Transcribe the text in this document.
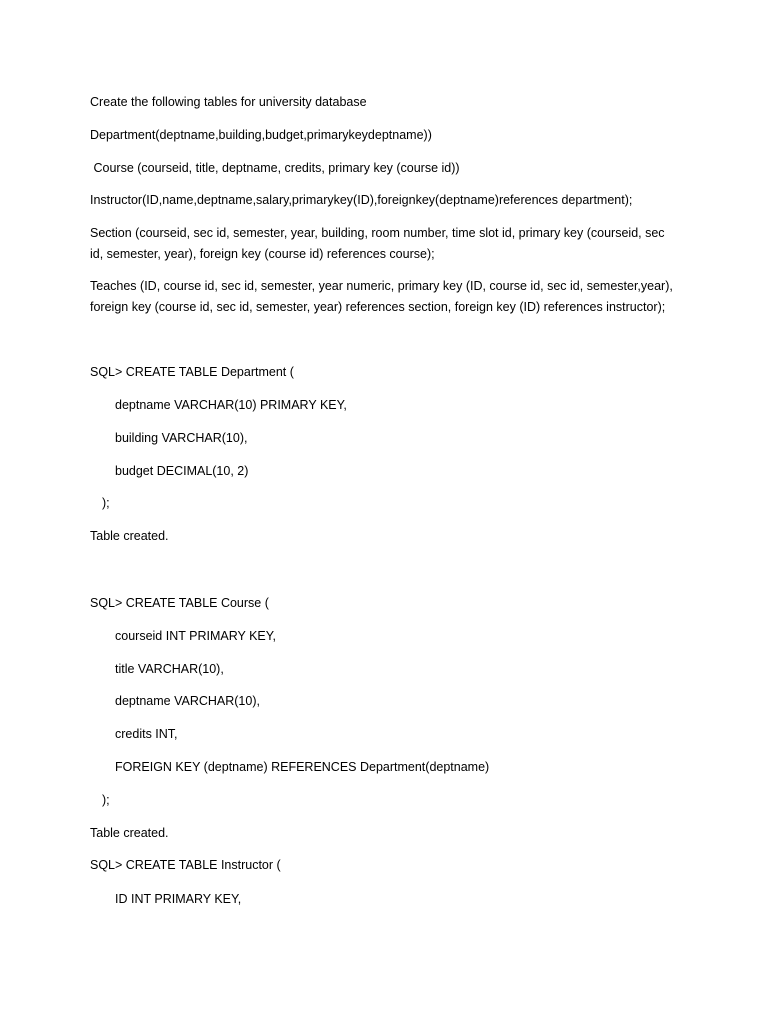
Create the following tables for university database
Department(deptname,building,budget,primarykeydeptname))
Course (courseid, title, deptname, credits, primary key (course id))
Instructor(ID,name,deptname,salary,primarykey(ID),foreignkey(deptname)references department);
Section (courseid, sec id, semester, year, building, room number, time slot id, primary key (courseid, sec id, semester, year), foreign key (course id) references course);
Teaches (ID, course id, sec id, semester, year numeric, primary key (ID, course id, sec id, semester,year), foreign key (course id, sec id, semester, year) references section, foreign key (ID) references instructor);
SQL> CREATE TABLE Department (
deptname VARCHAR(10) PRIMARY KEY,
building VARCHAR(10),
budget DECIMAL(10, 2)
);
Table created.
SQL> CREATE TABLE Course (
courseid INT PRIMARY KEY,
title VARCHAR(10),
deptname VARCHAR(10),
credits INT,
FOREIGN KEY (deptname) REFERENCES Department(deptname)
);
Table created.
SQL> CREATE TABLE Instructor (
ID INT PRIMARY KEY,
